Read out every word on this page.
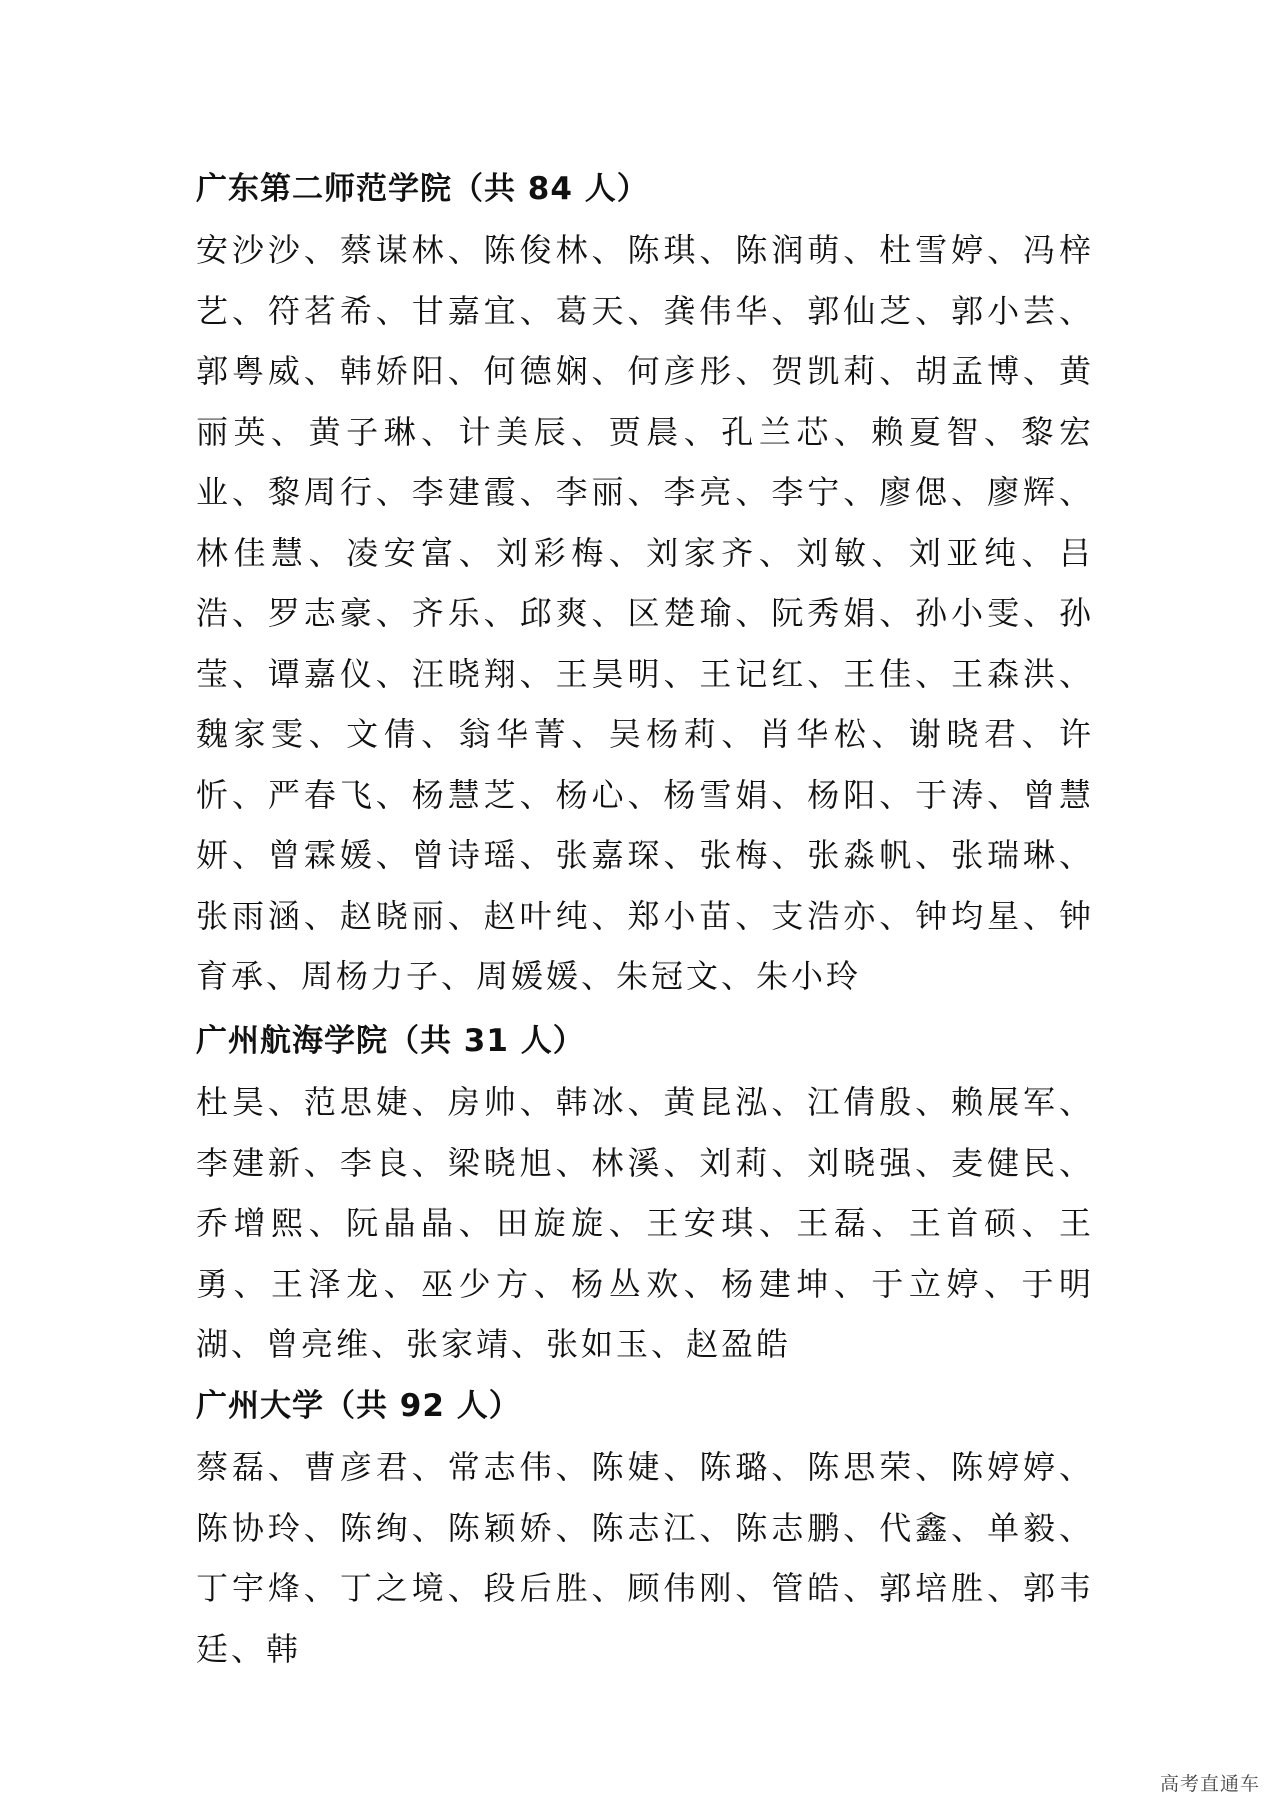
广东第二师范学院（共 84 人）

安沙沙、蔡谋林、陈俊林、陈琪、陈润萌、杜雪婷、冯梓艺、符茗希、甘嘉宜、葛天、龚伟华、郭仙芝、郭小芸、郭粤威、韩娇阳、何德娴、何彦彤、贺凯莉、胡孟博、黄丽英、黄子琳、计美辰、贾晨、孔兰芯、赖夏智、黎宏业、黎周行、李建霞、李丽、李亮、李宁、廖偲、廖辉、林佳慧、凌安富、刘彩梅、刘家齐、刘敏、刘亚纯、吕浩、罗志豪、齐乐、邱爽、区楚瑜、阮秀娟、孙小雯、孙莹、谭嘉仪、汪晓翔、王昊明、王记红、王佳、王森洪、魏家雯、文倩、翁华菁、吴杨莉、肖华松、谢晓君、许忻、严春飞、杨慧芝、杨心、杨雪娟、杨阳、于涛、曾慧妍、曾霖媛、曾诗瑶、张嘉琛、张梅、张淼帆、张瑞琳、张雨涵、赵晓丽、赵叶纯、郑小苗、支浩亦、钟均星、钟育承、周杨力子、周媛媛、朱冠文、朱小玲

广州航海学院（共 31 人）

杜昊、范思婕、房帅、韩冰、黄昆泓、江倩殷、赖展军、李建新、李良、梁晓旭、林溪、刘莉、刘晓强、麦健民、乔增熙、阮晶晶、田旋旋、王安琪、王磊、王首硕、王勇、王泽龙、巫少方、杨丛欢、杨建坤、于立婷、于明湖、曾亮维、张家靖、张如玉、赵盈皓

广州大学（共 92 人）

蔡磊、曹彦君、常志伟、陈婕、陈璐、陈思荣、陈婷婷、陈协玲、陈绚、陈颖娇、陈志江、陈志鹏、代鑫、单毅、丁宇烽、丁之境、段后胜、顾伟刚、管皓、郭培胜、郭韦廷、韩

高考直通车
